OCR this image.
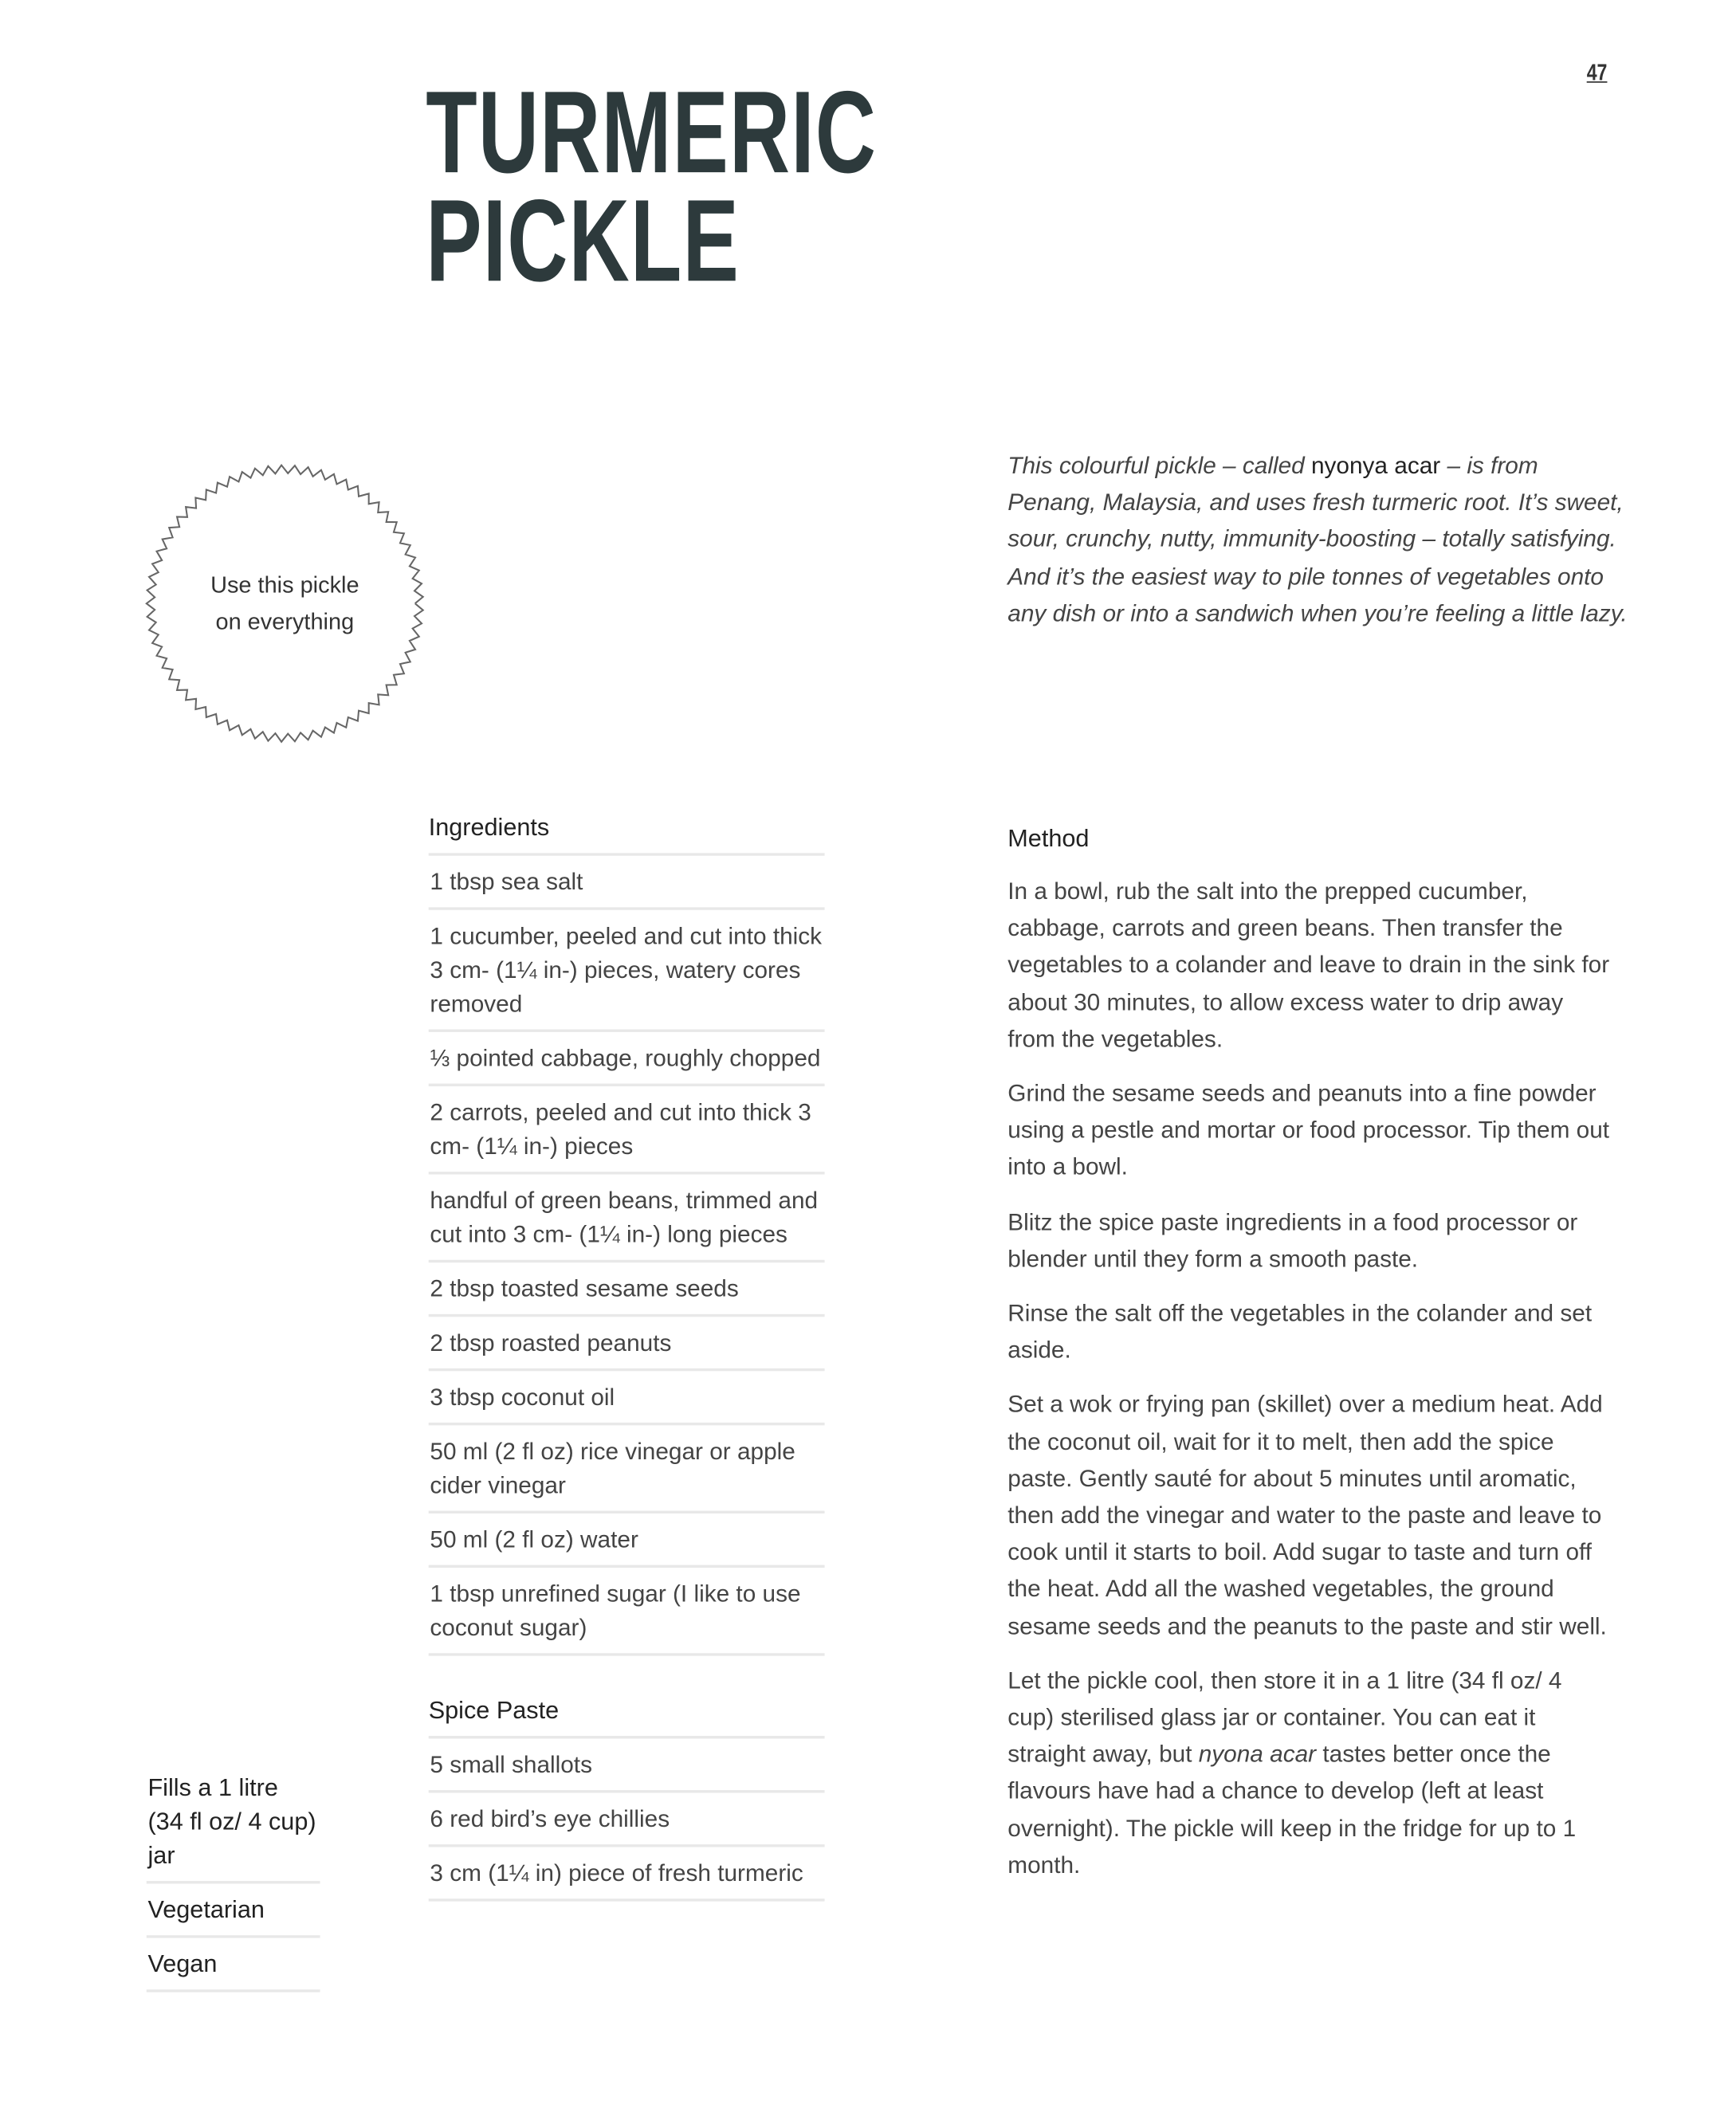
47
TURMERIC
PICKLE
Use this pickle
on everything
This colourful pickle – called nyonya acar – is from Penang, Malaysia, and uses fresh turmeric root. It’s sweet, sour, crunchy, nutty, immunity-boosting – totally satisfying. And it’s the easiest way to pile tonnes of vegetables onto any dish or into a sandwich when you’re feeling a little lazy.
Ingredients
1 tbsp sea salt
1 cucumber, peeled and cut into thick 3 cm- (1¼ in-) pieces, watery cores removed
⅓ pointed cabbage, roughly chopped
2 carrots, peeled and cut into thick 3 cm- (1¼ in-) pieces
handful of green beans, trimmed and cut into 3 cm- (1¼ in-) long pieces
2 tbsp toasted sesame seeds
2 tbsp roasted peanuts
3 tbsp coconut oil
50 ml (2 fl oz) rice vinegar or apple cider vinegar
50 ml (2 fl oz) water
1 tbsp unrefined sugar (I like to use coconut sugar)
Spice Paste
5 small shallots
6 red bird’s eye chillies
3 cm (1¼ in) piece of fresh turmeric
Method

In a bowl, rub the salt into the prepped cucumber, cabbage, carrots and green beans. Then transfer the vegetables to a colander and leave to drain in the sink for about 30 minutes, to allow excess water to drip away from the vegetables.

Grind the sesame seeds and peanuts into a fine powder using a pestle and mortar or food processor. Tip them out into a bowl.

Blitz the spice paste ingredients in a food processor or blender until they form a smooth paste.

Rinse the salt off the vegetables in the colander and set aside.

Set a wok or frying pan (skillet) over a medium heat. Add the coconut oil, wait for it to melt, then add the spice paste. Gently sauté for about 5 minutes until aromatic, then add the vinegar and water to the paste and leave to cook until it starts to boil. Add sugar to taste and turn off the heat. Add all the washed vegetables, the ground sesame seeds and the peanuts to the paste and stir well.

Let the pickle cool, then store it in a 1 litre (34 fl oz/ 4 cup) sterilised glass jar or container. You can eat it straight away, but nyona acar tastes better once the flavours have had a chance to develop (left at least overnight). The pickle will keep in the fridge for up to 1 month.

Fills a 1 litre (34 fl oz/ 4 cup) jar
Vegetarian
Vegan
